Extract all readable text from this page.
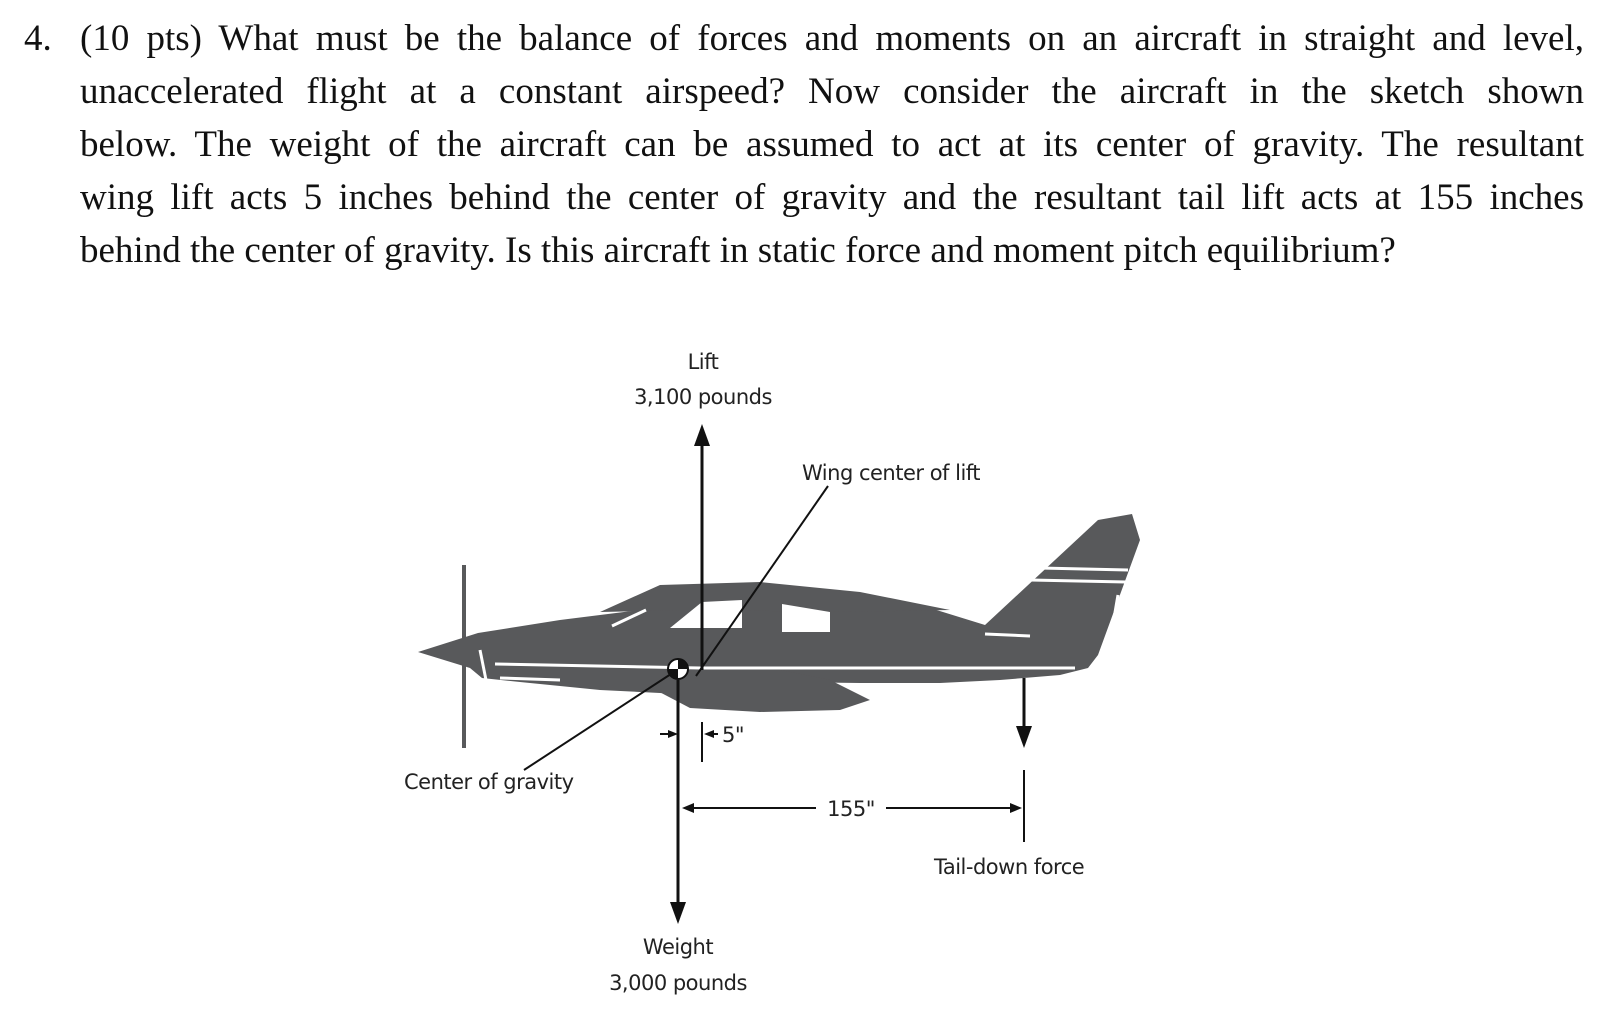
4. (10 pts) What must be the balance of forces and moments on an aircraft in straight and level,
unaccelerated flight at a constant airspeed? Now consider the aircraft in the sketch shown
below. The weight of the aircraft can be assumed to act at its center of gravity. The resultant
wing lift acts 5 inches behind the center of gravity and the resultant tail lift acts at 155 inches
behind the center of gravity. Is this aircraft in static force and moment pitch equilibrium?
Lift
3,100 pounds
Wing center of lift
5"
Center of gravity
155"
Tail-down force
Weight
3,000 pounds
